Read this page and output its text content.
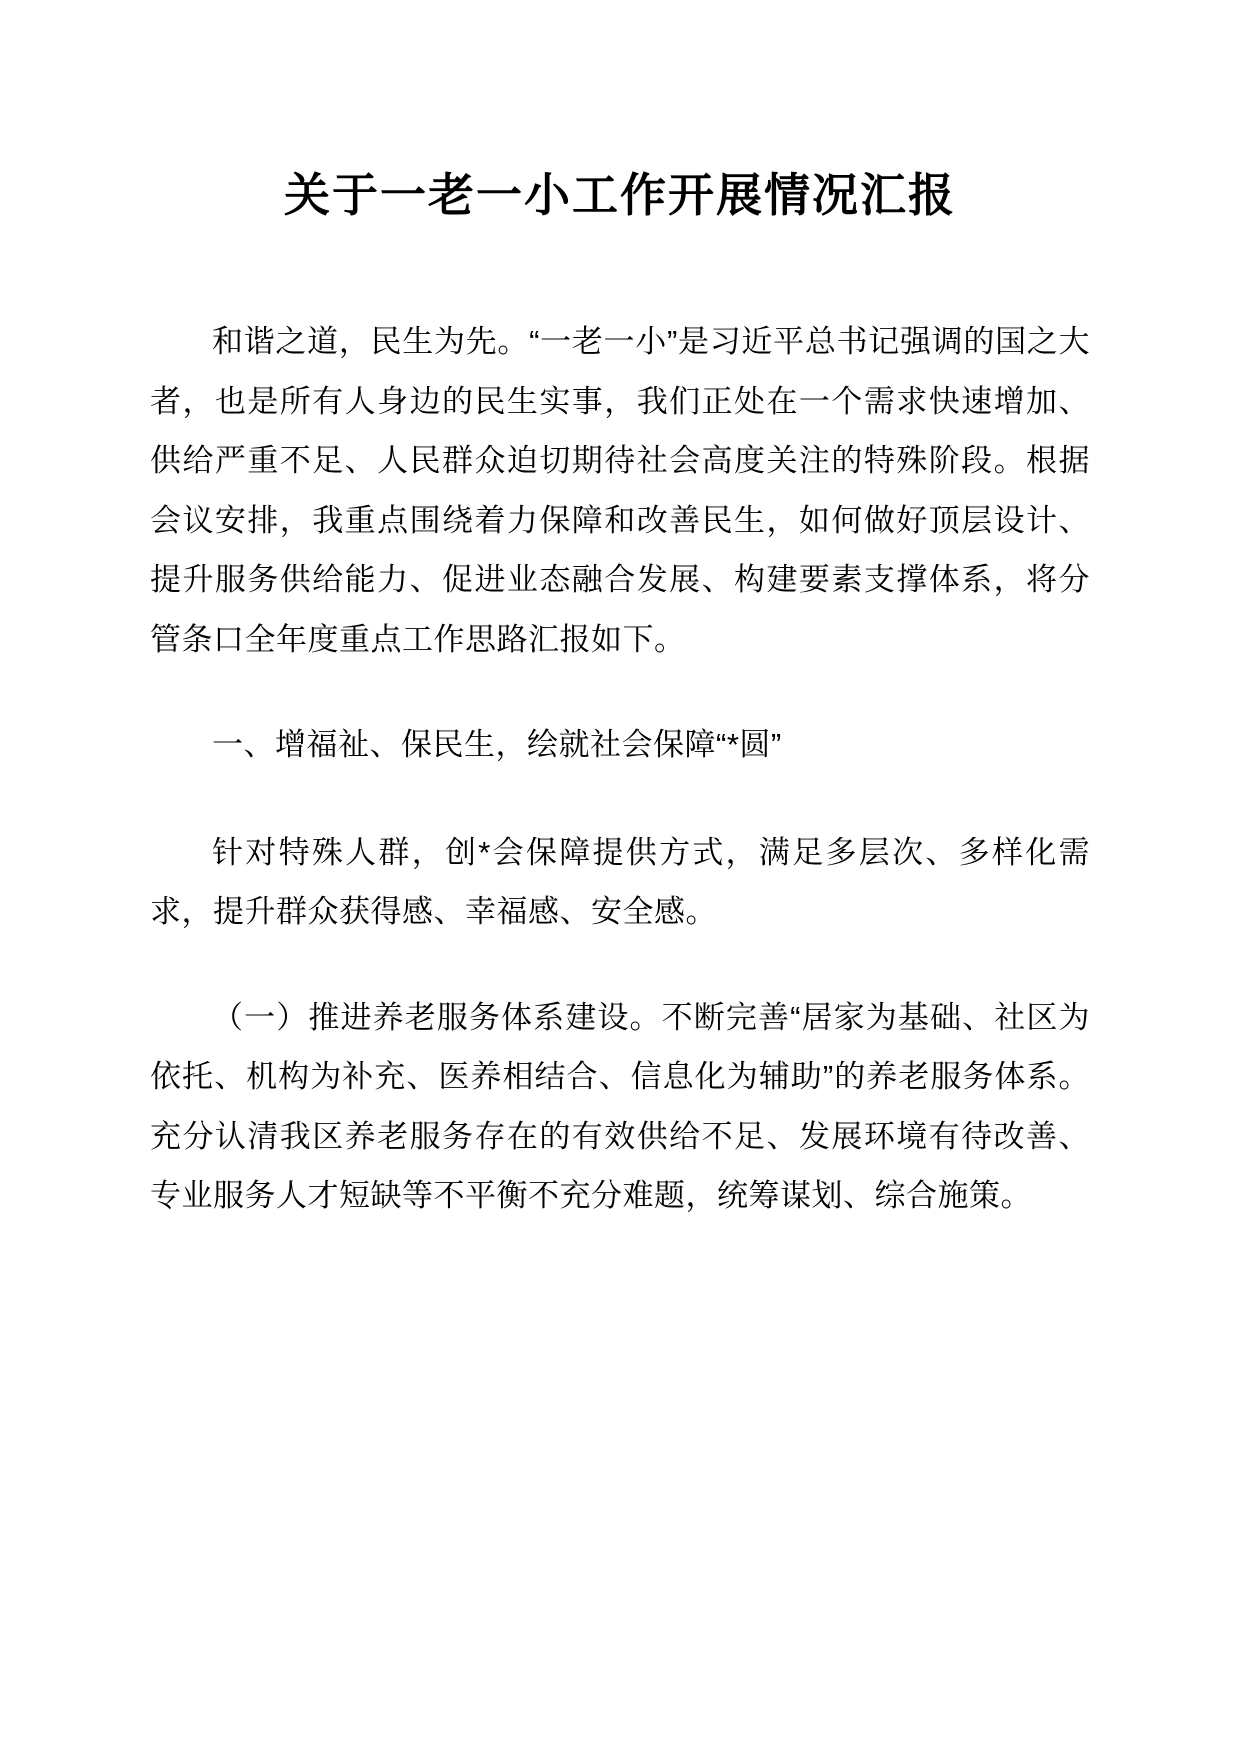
关于一老一小工作开展情况汇报

和谐之道，民生为先。“一老一小”是习近平总书记强调的国之大者，也是所有人身边的民生实事，我们正处在一个需求快速增加、供给严重不足、人民群众迫切期待社会高度关注的特殊阶段。根据会议安排，我重点围绕着力保障和改善民生，如何做好顶层设计、提升服务供给能力、促进业态融合发展、构建要素支撑体系，将分管条口全年度重点工作思路汇报如下。

一、增福祉、保民生，绘就社会保障“*圆”

针对特殊人群，创*会保障提供方式，满足多层次、多样化需求，提升群众获得感、幸福感、安全感。

（一）推进养老服务体系建设。不断完善“居家为基础、社区为依托、机构为补充、医养相结合、信息化为辅助”的养老服务体系。充分认清我区养老服务存在的有效供给不足、发展环境有待改善、专业服务人才短缺等不平衡不充分难题，统筹谋划、综合施策。
